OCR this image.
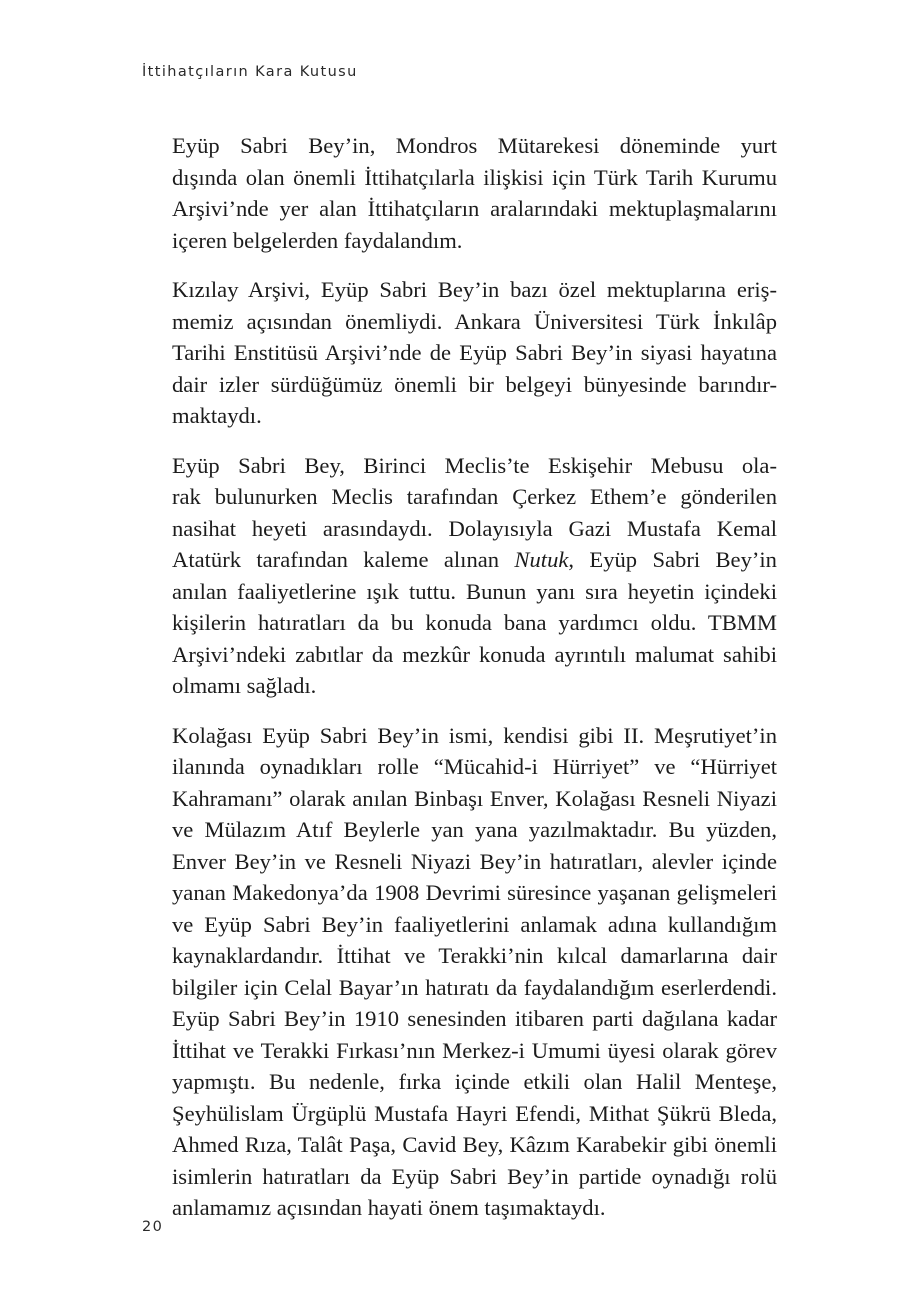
İttihatçıların Kara Kutusu

Eyüp Sabri Bey’in, Mondros Mütarekesi döneminde yurt
dışında olan önemli İttihatçılarla ilişkisi için Türk Tarih Kurumu
Arşivi’nde yer alan İttihatçıların aralarındaki mektuplaşmalarını
içeren belgelerden faydalandım.

Kızılay Arşivi, Eyüp Sabri Bey’in bazı özel mektuplarına eriş-
memiz açısından önemliydi. Ankara Üniversitesi Türk İnkılâp
Tarihi Enstitüsü Arşivi’nde de Eyüp Sabri Bey’in siyasi hayatına
dair izler sürdüğümüz önemli bir belgeyi bünyesinde barındır-
maktaydı.

Eyüp Sabri Bey, Birinci Meclis’te Eskişehir Mebusu ola-
rak bulunurken Meclis tarafından Çerkez Ethem’e gönderilen
nasihat heyeti arasındaydı. Dolayısıyla Gazi Mustafa Kemal
Atatürk tarafından kaleme alınan Nutuk, Eyüp Sabri Bey’in
anılan faaliyetlerine ışık tuttu. Bunun yanı sıra heyetin içindeki
kişilerin hatıratları da bu konuda bana yardımcı oldu. TBMM
Arşivi’ndeki zabıtlar da mezkûr konuda ayrıntılı malumat sahibi
olmamı sağladı.

Kolağası Eyüp Sabri Bey’in ismi, kendisi gibi II. Meşrutiyet’in
ilanında oynadıkları rolle “Mücahid-i Hürriyet” ve “Hürriyet
Kahramanı” olarak anılan Binbaşı Enver, Kolağası Resneli Niyazi
ve Mülazım Atıf Beylerle yan yana yazılmaktadır. Bu yüzden,
Enver Bey’in ve Resneli Niyazi Bey’in hatıratları, alevler içinde
yanan Makedonya’da 1908 Devrimi süresince yaşanan gelişmeleri
ve Eyüp Sabri Bey’in faaliyetlerini anlamak adına kullandığım
kaynaklardandır. İttihat ve Terakki’nin kılcal damarlarına dair
bilgiler için Celal Bayar’ın hatıratı da faydalandığım eserlerdendi.
Eyüp Sabri Bey’in 1910 senesinden itibaren parti dağılana kadar
İttihat ve Terakki Fırkası’nın Merkez-i Umumi üyesi olarak görev
yapmıştı. Bu nedenle, fırka içinde etkili olan Halil Menteşe,
Şeyhülislam Ürgüplü Mustafa Hayri Efendi, Mithat Şükrü Bleda,
Ahmed Rıza, Talât Paşa, Cavid Bey, Kâzım Karabekir gibi önemli
isimlerin hatıratları da Eyüp Sabri Bey’in partide oynadığı rolü
anlamamız açısından hayati önem taşımaktaydı.

20
